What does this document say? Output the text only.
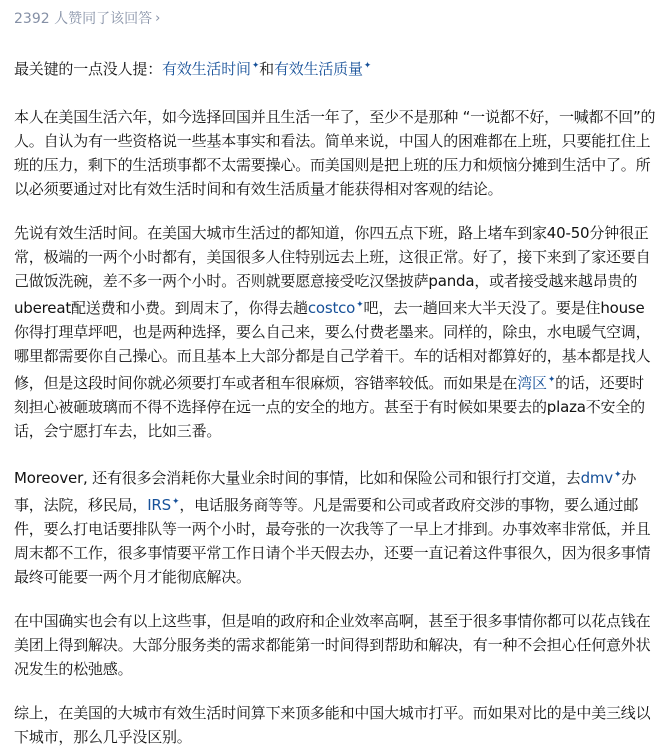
2392 人赞同了该回答 ›

最关键的一点没人提：有效生活时间✦和有效生活质量✦

本人在美国生活六年，如今选择回国并且生活一年了，至少不是那种 “一说都不好，一喊都不回”的人。自认为有一些资格说一些基本事实和看法。简单来说，中国人的困难都在上班，只要能扛住上班的压力，剩下的生活琐事都不太需要操心。而美国则是把上班的压力和烦恼分摊到生活中了。所以必须要通过对比有效生活时间和有效生活质量才能获得相对客观的结论。

先说有效生活时间。在美国大城市生活过的都知道，你四五点下班，路上堵车到家40-50分钟很正常，极端的一两个小时都有，美国很多人住特别远去上班，这很正常。好了，接下来到了家还要自己做饭洗碗，差不多一两个小时。否则就要愿意接受吃汉堡披萨panda，或者接受越来越昂贵的ubereat配送费和小费。到周末了，你得去趟costco✦吧，去一趟回来大半天没了。要是住house你得打理草坪吧，也是两种选择，要么自己来，要么付费老墨来。同样的，除虫，水电暖气空调，哪里都需要你自己操心。而且基本上大部分都是自己学着干。车的话相对都算好的，基本都是找人修，但是这段时间你就必须要打车或者租车很麻烦，容错率较低。而如果是在湾区✦的话，还要时刻担心被砸玻璃而不得不选择停在远一点的安全的地方。甚至于有时候如果要去的plaza不安全的话，会宁愿打车去，比如三番。

Moreover, 还有很多会消耗你大量业余时间的事情，比如和保险公司和银行打交道，去dmv✦办事，法院，移民局，IRS✦，电话服务商等等。凡是需要和公司或者政府交涉的事物，要么通过邮件，要么打电话要排队等一两个小时，最夸张的一次我等了一早上才排到。办事效率非常低，并且周末都不工作，很多事情要平常工作日请个半天假去办，还要一直记着这件事很久，因为很多事情最终可能要一两个月才能彻底解决。

在中国确实也会有以上这些事，但是咱的政府和企业效率高啊，甚至于很多事情你都可以花点钱在美团上得到解决。大部分服务类的需求都能第一时间得到帮助和解决，有一种不会担心任何意外状况发生的松弛感。

综上，在美国的大城市有效生活时间算下来顶多能和中国大城市打平。而如果对比的是中美三线以下城市，那么几乎没区别。
